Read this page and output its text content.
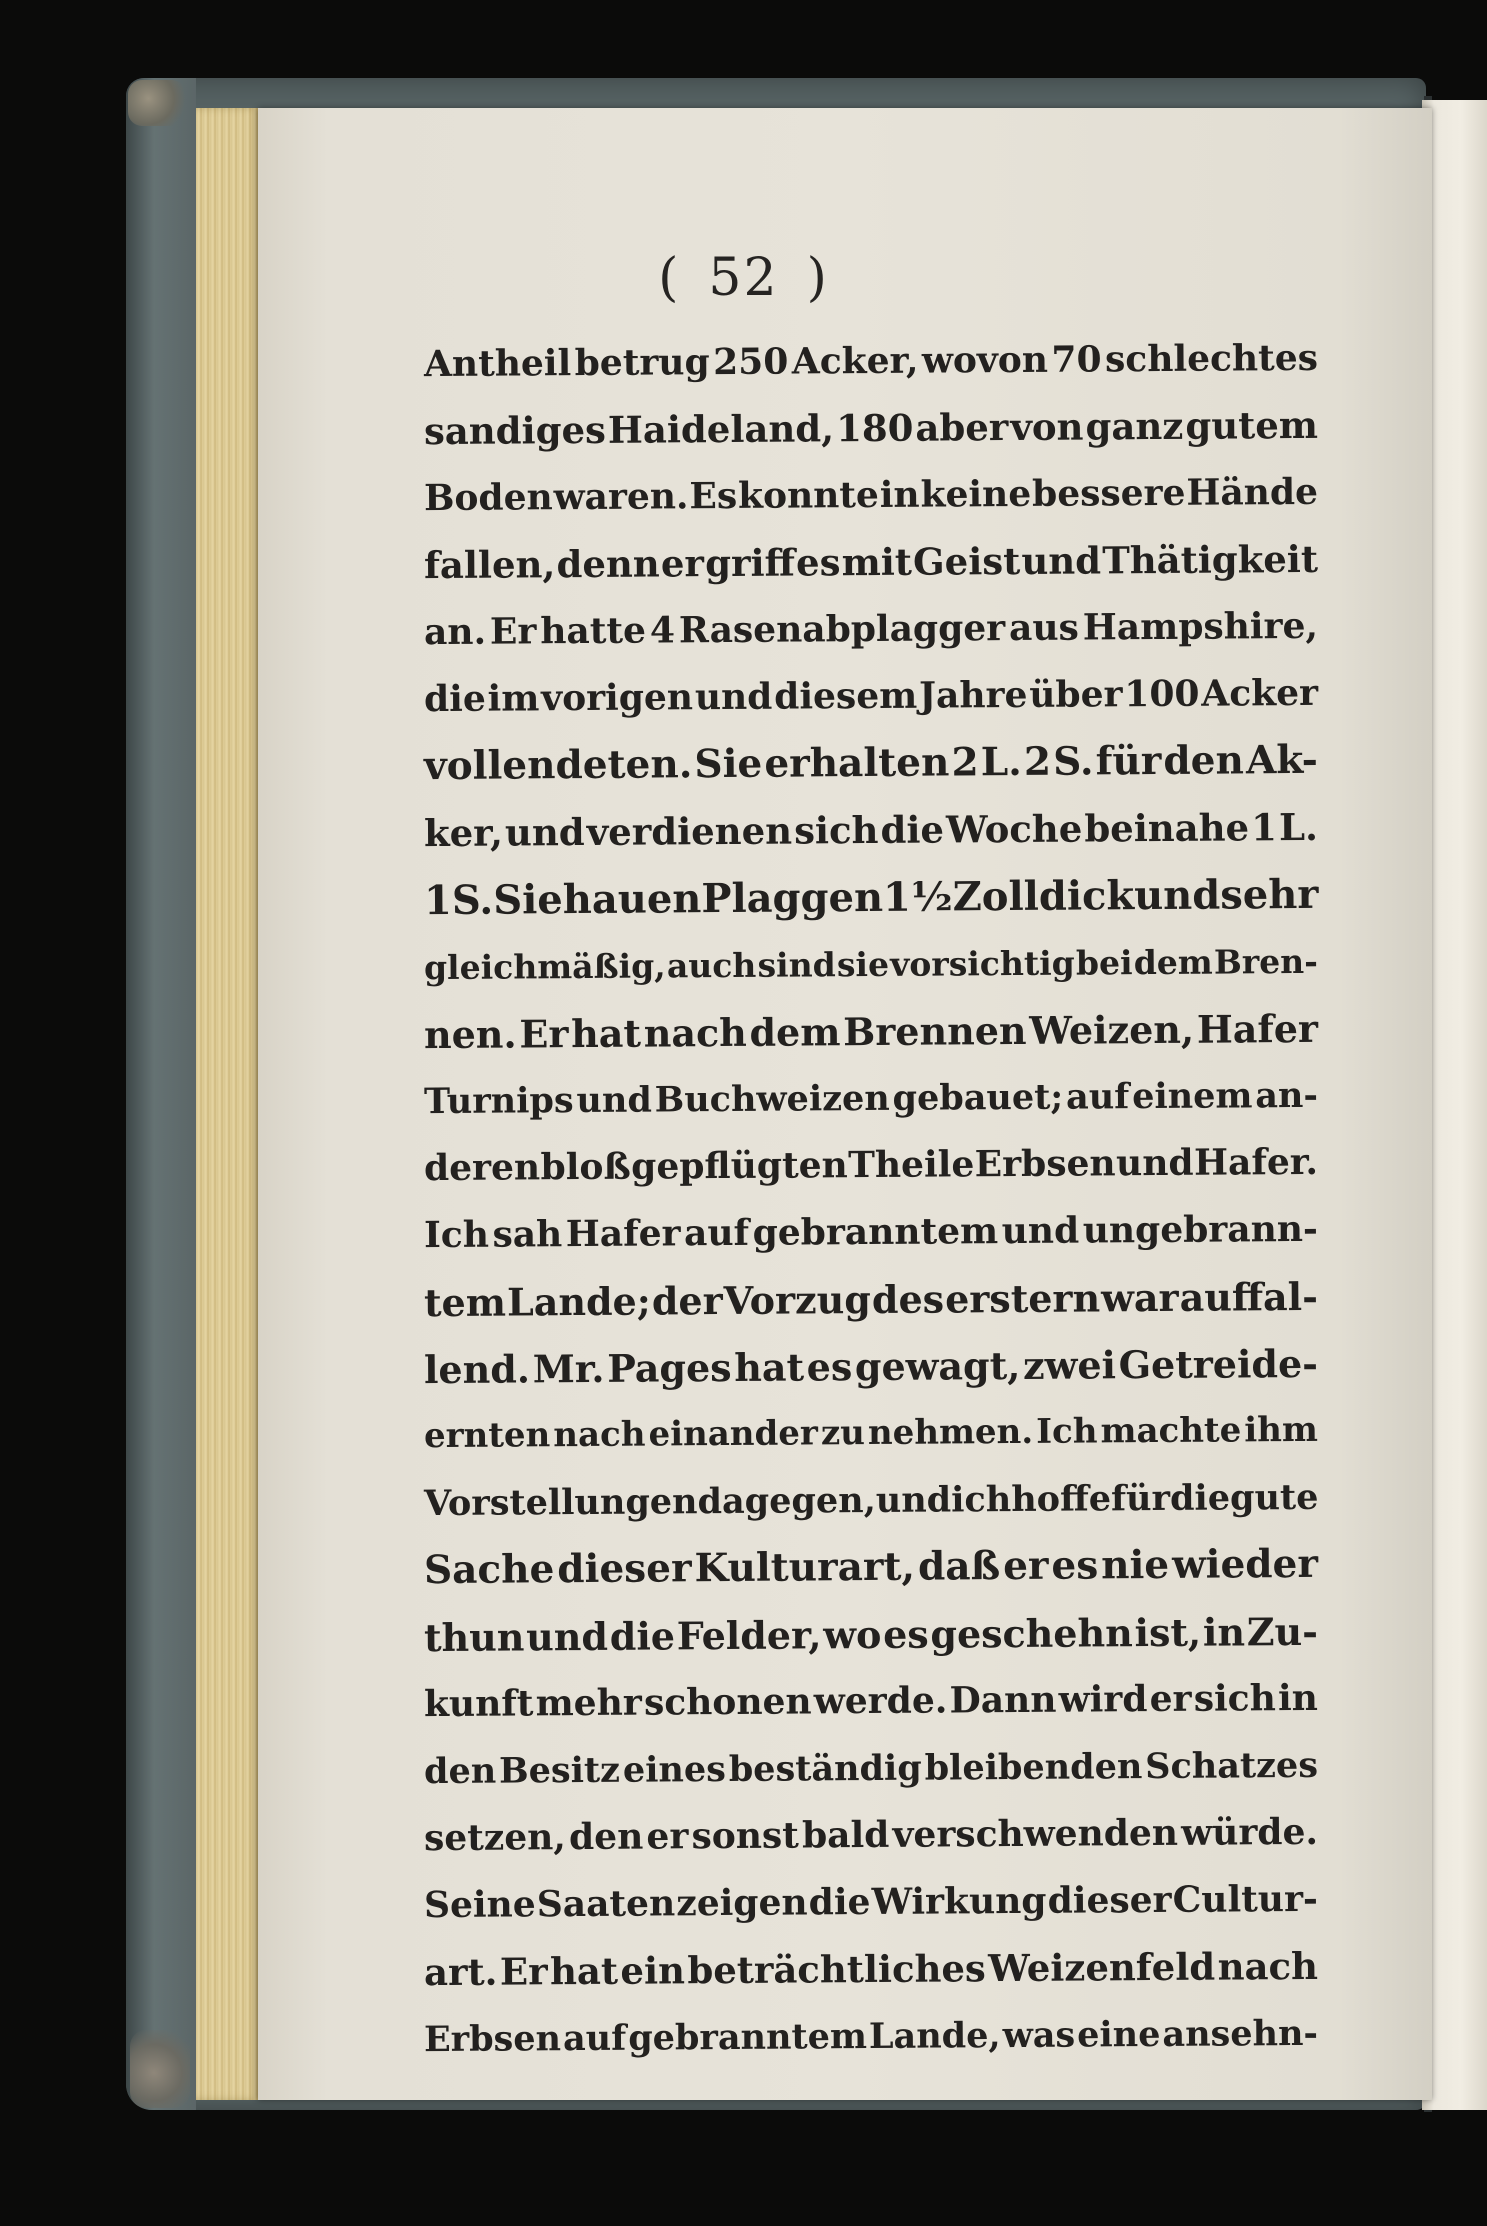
( 52 )
Antheil betrug 250 Acker, wovon 70 schlechtes
sandiges Haideland, 180 aber von ganz gutem
Boden waren. Es konnte in keine bessere Hände
fallen, denn er griff es mit Geist und Thätigkeit
an. Er hatte 4 Rasenabplagger aus Hampshire,
die im vorigen und diesem Jahre über 100 Acker
vollendeten. Sie erhalten 2 L. 2 S. für den Ak-
ker, und verdienen sich die Woche beinahe 1 L.
1 S. Sie hauen Plaggen 1½ Zoll dick und sehr
gleichmäßig, auch sind sie vorsichtig bei dem Bren-
nen. Er hat nach dem Brennen Weizen, Hafer
Turnips und Buchweizen gebauet; auf einem an-
deren bloß gepflügten Theile Erbsen und Hafer.
Ich sah Hafer auf gebranntem und ungebrann-
tem Lande; der Vorzug des erstern war auffal-
lend. Mr. Pages hat es gewagt, zwei Getreide-
ernten nach einander zu nehmen. Ich machte ihm
Vorstellungen dagegen, und ich hoffe für die gute
Sache dieser Kulturart, daß er es nie wieder
thun und die Felder, wo es geschehn ist, in Zu-
kunft mehr schonen werde. Dann wird er sich in
den Besitz eines beständig bleibenden Schatzes
setzen, den er sonst bald verschwenden würde.
Seine Saaten zeigen die Wirkung dieser Cultur-
art. Er hat ein beträchtliches Weizenfeld nach
Erbsen auf gebranntem Lande, was eine ansehn-
